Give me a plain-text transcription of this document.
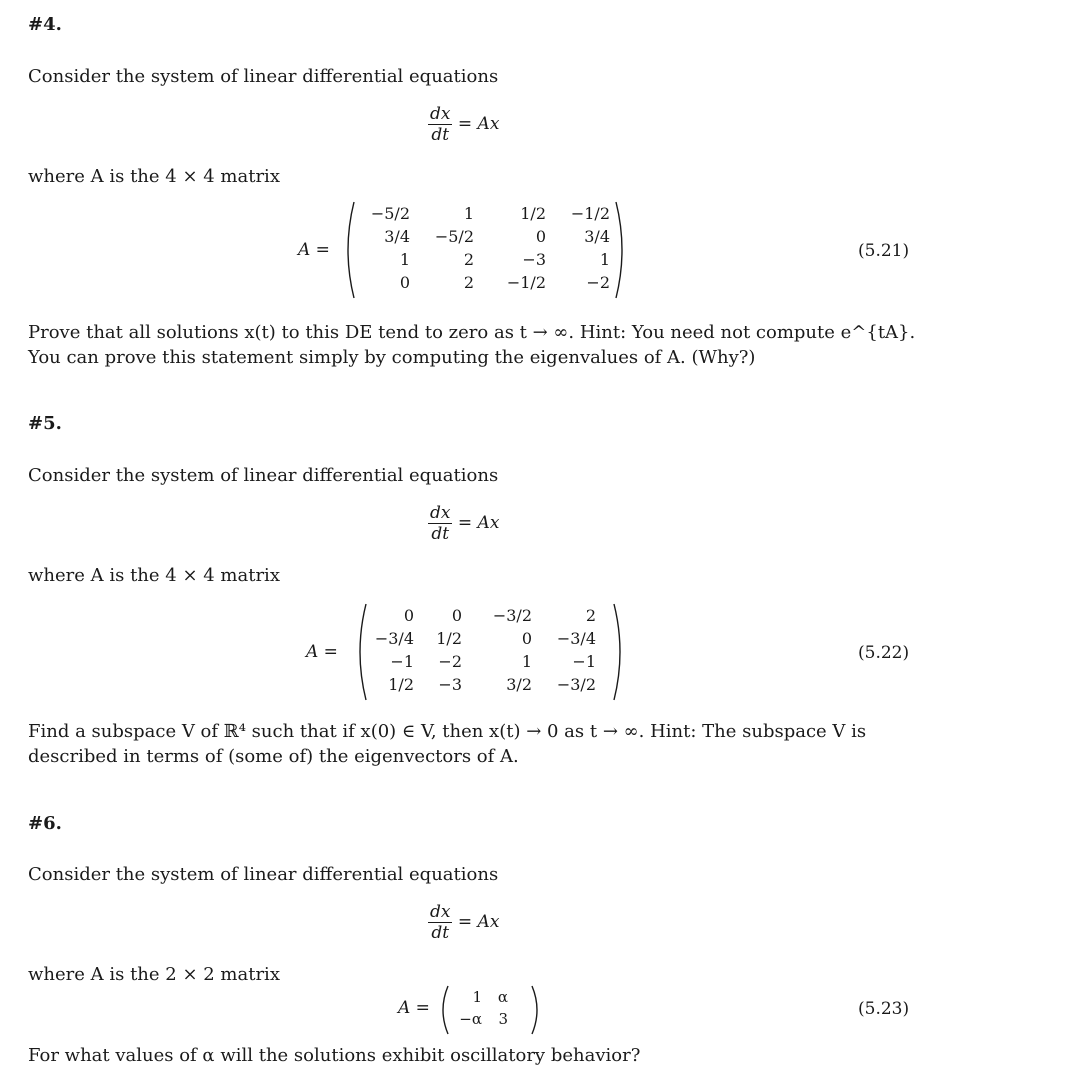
#4.
Consider the system of linear differential equations
$\frac{dx}{dt} = Ax$
where A is the 4 × 4 matrix
A =
−5/2	1	1/2	−1/2
3/4	−5/2	0	3/4
1	2	−3	1
0	2	−1/2	−2
(5.21)
Prove that all solutions x(t) to this DE tend to zero as t → ∞. Hint: You need not compute e^{tA}. You can prove this statement simply by computing the eigenvalues of A. (Why?)
#5.
Consider the system of linear differential equations
$\frac{dx}{dt} = Ax$
where A is the 4 × 4 matrix
A =
0	0	−3/2	2
−3/4	1/2	0	−3/4
−1	−2	1	−1
1/2	−3	3/2	−3/2
(5.22)
Find a subspace V of ℝ⁴ such that if x(0) ∈ V, then x(t) → 0 as t → ∞. Hint: The subspace V is described in terms of (some of) the eigenvectors of A.
#6.
Consider the system of linear differential equations
$\frac{dx}{dt} = Ax$
where A is the 2 × 2 matrix
A =
1	α
−α	3	(5.23)
For what values of α will the solutions exhibit oscillatory behavior?
